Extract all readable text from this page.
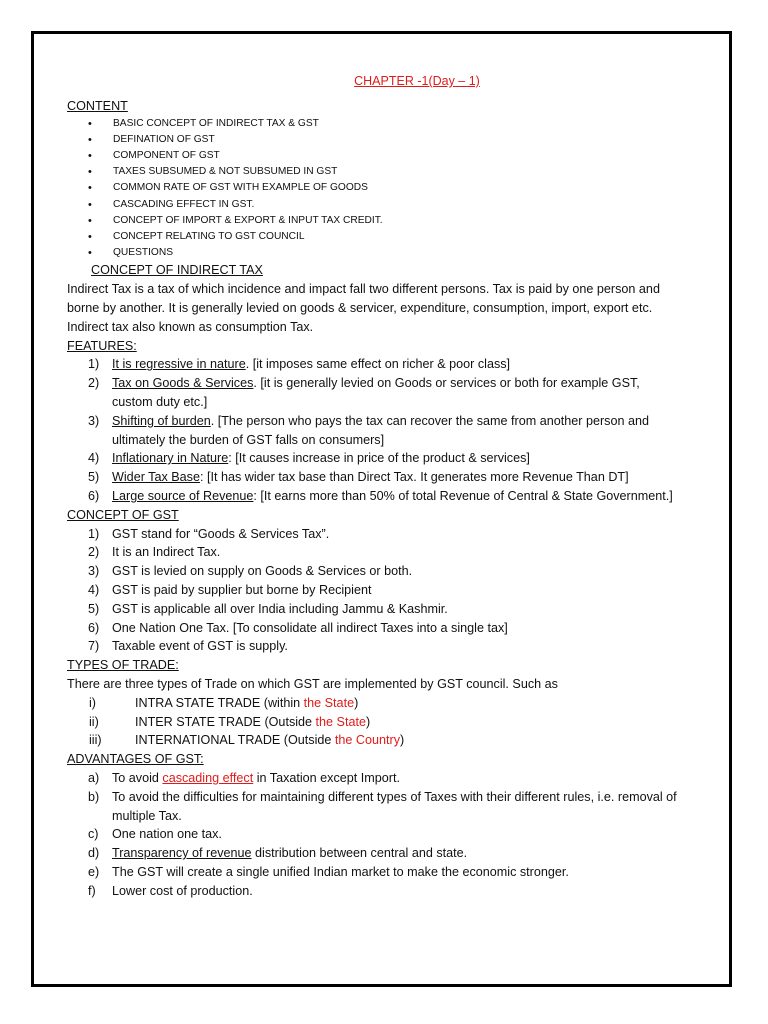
CHAPTER -1(Day – 1)
CONTENT
• BASIC CONCEPT OF INDIRECT TAX & GST
• DEFINATION OF GST
• COMPONENT OF GST
• TAXES SUBSUMED & NOT SUBSUMED IN GST
• COMMON RATE OF GST WITH EXAMPLE OF GOODS
• CASCADING EFFECT IN GST.
• CONCEPT OF IMPORT & EXPORT & INPUT TAX CREDIT.
• CONCEPT RELATING TO GST COUNCIL
• QUESTIONS
CONCEPT OF INDIRECT TAX

Indirect Tax is a tax of which incidence and impact fall two different persons. Tax is paid by one person and borne by another. It is generally levied on goods & servicer, expenditure, consumption, import, export etc. Indirect tax also known as consumption Tax.

FEATURES:
1) It is regressive in nature. [it imposes same effect on richer & poor class]
2) Tax on Goods & Services. [it is generally levied on Goods or services or both for example GST, custom duty etc.]
3) Shifting of burden. [The person who pays the tax can recover the same from another person and ultimately the burden of GST falls on consumers]
4) Inflationary in Nature: [It causes increase in price of the product & services]
5) Wider Tax Base: [It has wider tax base than Direct Tax. It generates more Revenue Than DT]
6) Large source of Revenue: [It earns more than 50% of total Revenue of Central & State Government.]
CONCEPT OF GST
1) GST stand for “Goods & Services Tax”.
2) It is an Indirect Tax.
3) GST is levied on supply on Goods & Services or both.
4) GST is paid by supplier but borne by Recipient
5) GST is applicable all over India including Jammu & Kashmir.
6) One Nation One Tax. [To consolidate all indirect Taxes into a single tax]
7) Taxable event of GST is supply.
TYPES OF TRADE:

There are three types of Trade on which GST are implemented by GST council. Such as

i)	INTRA STATE TRADE (within the State)
ii)	INTER STATE TRADE (Outside the State)
iii)	INTERNATIONAL TRADE (Outside the Country)
ADVANTAGES OF GST:
a) To avoid cascading effect in Taxation except Import.
b) To avoid the difficulties for maintaining different types of Taxes with their different rules, i.e. removal of multiple Tax.
c) One nation one tax.
d) Transparency of revenue distribution between central and state.
e) The GST will create a single unified Indian market to make the economic stronger.
f) Lower cost of production.
